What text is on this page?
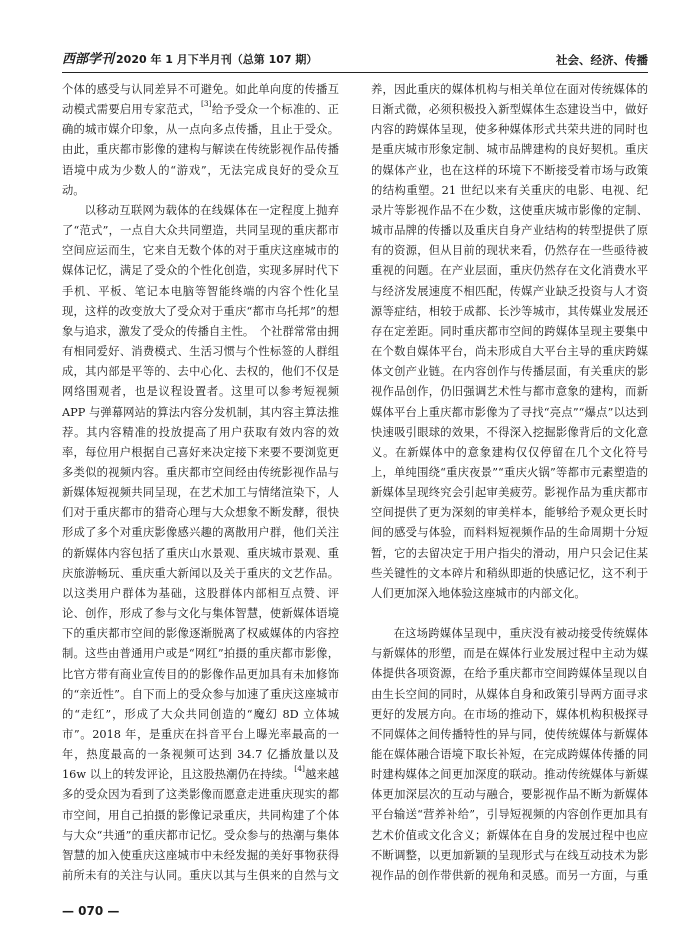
西部学刊 2020 年 1 月下半月刊（总第 107 期）	社会、经济、传播

个体的感受与认同差异不可避免。如此单向度的传播互动模式需要启用专家范式，[3]给予受众一个标准的、正确的城市媒介印象，从一点向多点传播，且止于受众。由此，重庆都市影像的建构与解读在传统影视作品传播语境中成为少数人的“游戏”，无法完成良好的受众互动。

以移动互联网为载体的在线媒体在一定程度上抛弃了“范式”，一点自大众共同塑造，共同呈现的重庆都市空间应运而生，它来自无数个体的对于重庆这座城市的媒体记忆，满足了受众的个性化创造，实现多屏时代下手机、平板、笔记本电脑等智能终端的内容个性化呈现，这样的改变放大了受众对于重庆“都市乌托邦”的想象与追求，激发了受众的传播自主性。　个社群常常由拥有相同爱好、消费模式、生活习惯与个性标签的人群组成，其内部是平等的、去中心化、去权的，他们不仅是网络围观者，也是议程设置者。这里可以参考短视频 APP 与弹幕网站的算法内容分发机制，其内容主算法推荐。其内容精准的投放提高了用户获取有效内容的效率，每位用户根据自己喜好来决定接下来要不要浏览更多类似的视频内容。重庆都市空间经由传统影视作品与新媒体短视频共同呈现，在艺术加工与情绪渲染下，人们对于重庆都市的猎奇心理与大众想象不断发酵，很快形成了多个对重庆影像感兴趣的离散用户群，他们关注的新媒体内容包括了重庆山水景观、重庆城市景观、重庆旅游畅玩、重庆重大新闻以及关于重庆的文艺作品。以这类用户群体为基础，这股群体内部相互点赞、评论、创作，形成了参与文化与集体智慧，使新媒体语境下的重庆都市空间的影像逐渐脱离了权威媒体的内容控制。这些由普通用户或是“网红”拍摄的重庆都市影像，比官方带有商业宣传目的的影像作品更加具有未加修饰的“亲近性”。自下而上的受众参与加速了重庆这座城市的“走红”，形成了大众共同创造的“魔幻 8D 立体城市”。2018 年，是重庆在抖音平台上曝光率最高的一年，热度最高的一条视频可达到 34.7 亿播放量以及 16w 以上的转发评论，且这股热潮仍在持续。[4]越来越多的受众因为看到了这类影像而愿意走进重庆现实的都市空间，用自己拍摄的影像记录重庆，共同构建了个体与大众“共通”的重庆都市记忆。受众参与的热潮与集体智慧的加入使重庆这座城市中未经发掘的美好事物获得前所未有的关注与认同。重庆以其与生俱来的自然与文

养，因此重庆的媒体机构与相关单位在面对传统媒体的日渐式微，必须积极投入新型媒体生态建设当中，做好内容的跨媒体呈现，使多种媒体形式共荣共进的同时也是重庆城市形象定制、城市品牌建构的良好契机。重庆的媒体产业，也在这样的环境下不断接受着市场与政策的结构重塑。21 世纪以来有关重庆的电影、电视、纪录片等影视作品不在少数，这使重庆城市影像的定制、城市品牌的传播以及重庆自身产业结构的转型提供了原有的资源，但从目前的现状来看，仍然存在一些亟待被重视的问题。在产业层面，重庆仍然存在文化消费水平与经济发展速度不相匹配，传媒产业缺乏投资与人才资源等症结，相较于成都、长沙等城市，其传媒业发展还存在定差距。同时重庆都市空间的跨媒体呈现主要集中在个数自媒体平台，尚未形成自大平台主导的重庆跨媒体文创产业链。在内容创作与传播层面，有关重庆的影视作品创作，仍旧强调艺术性与都市意象的建构，而新媒体平台上重庆都市影像为了寻找“亮点”“爆点”以达到快速吸引眼球的效果，不得深入挖掘影像背后的文化意义。在新媒体中的意象建构仅仅停留在几个文化符号上，单纯围绕“重庆夜景”“重庆火锅”等都市元素塑造的新媒体呈现终究会引起审美疲劳。影视作品为重庆都市空间提供了更为深刻的审美样本，能够给予观众更长时间的感受与体验，而料料短视频作品的生命周期十分短暂，它的去留决定于用户指尖的滑动，用户只会记住某些关键性的文本碎片和稍纵即逝的快感记忆，这不利于人们更加深入地体验这座城市的内部文化。

在这场跨媒体呈现中，重庆没有被动接受传统媒体与新媒体的形塑，而是在媒体行业发展过程中主动为媒体提供各项资源，在给予重庆都市空间跨媒体呈现以自由生长空间的同时，从媒体自身和政策引导两方面寻求更好的发展方向。在市场的推动下，媒体机构积极探寻不同媒体之间传播特性的异与同，使传统媒体与新媒体能在媒体融合语境下取长补短，在完成跨媒体传播的同时建构媒体之间更加深度的联动。推动传统媒体与新媒体更加深层次的互动与融合，要影视作品不断为新媒体平台输送“营养补给”，引导短视频的内容创作更加具有艺术价值或文化含义；新媒体在自身的发展过程中也应不断调整，以更加新颖的呈现形式与在线互动技术为影视作品的创作带供新的视角和灵感。而另一方面，与重

— 070 —
